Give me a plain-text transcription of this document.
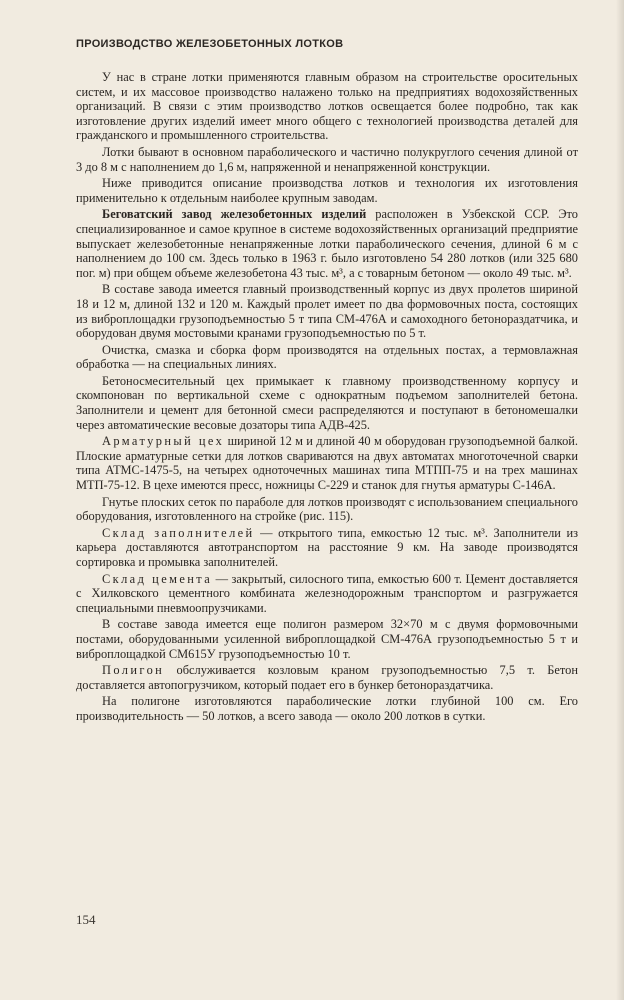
ПРОИЗВОДСТВО ЖЕЛЕЗОБЕТОННЫХ ЛОТКОВ

У нас в стране лотки применяются главным образом на строительстве оросительных систем, и их массовое производство налажено только на предприятиях водохозяйственных организаций. В связи с этим производство лотков освещается более подробно, так как изготовление других изделий имеет много общего с технологией производства деталей для гражданского и промышленного строительства.

Лотки бывают в основном параболического и частично полукруглого сечения длиной от 3 до 8 м с наполнением до 1,6 м, напряженной и ненапряженной конструкции.

Ниже приводится описание производства лотков и технология их изготовления применительно к отдельным наиболее крупным заводам.

Беговатский завод железобетонных изделий расположен в Узбекской ССР. Это специализированное и самое крупное в системе водохозяйственных организаций предприятие выпускает железобетонные ненапряженные лотки параболического сечения, длиной 6 м с наполнением до 100 см. Здесь только в 1963 г. было изготовлено 54 280 лотков (или 325 680 пог. м) при общем объеме железобетона 43 тыс. м³, а с товарным бетоном — около 49 тыс. м³.

В составе завода имеется главный производственный корпус из двух пролетов шириной 18 и 12 м, длиной 132 и 120 м. Каждый пролет имеет по два формовочных поста, состоящих из виброплощадки грузоподъемностью 5 т типа СМ-476А и самоходного бетонораздатчика, и оборудован двумя мостовыми кранами грузоподъемностью по 5 т.

Очистка, смазка и сборка форм производятся на отдельных постах, а термовлажная обработка — на специальных линиях.

Бетоносмесительный цех примыкает к главному производственному корпусу и скомпонован по вертикальной схеме с однократным подъемом заполнителей бетона. Заполнители и цемент для бетонной смеси распределяются и поступают в бетономешалки через автоматические весовые дозаторы типа АДВ-425.

Арматурный цех шириной 12 м и длиной 40 м оборудован грузоподъемной балкой. Плоские арматурные сетки для лотков свариваются на двух автоматах многоточечной сварки типа АТМС-1475-5, на четырех одноточечных машинах типа МТПП-75 и на трех машинах МТП-75-12. В цехе имеются пресс, ножницы С-229 и станок для гнутья арматуры С-146А.

Гнутье плоских сеток по параболе для лотков производят с использованием специального оборудования, изготовленного на стройке (рис. 115).

Склад заполнителей — открытого типа, емкостью 12 тыс. м³. Заполнители из карьера доставляются автотранспортом на расстояние 9 км. На заводе производятся сортировка и промывка заполнителей.

Склад цемента — закрытый, силосного типа, емкостью 600 т. Цемент доставляется с Хилковского цементного комбината железнодорожным транспортом и разгружается специальными пневмоопрузчиками.

В составе завода имеется еще полигон размером 32×70 м с двумя формовочными постами, оборудованными усиленной виброплощадкой СМ-476А грузоподъемностью 5 т и виброплощадкой СМ615У грузоподъемностью 10 т.

Полигон обслуживается козловым краном грузоподъемностью 7,5 т. Бетон доставляется автопогрузчиком, который подает его в бункер бетонораздатчика.

На полигоне изготовляются параболические лотки глубиной 100 см. Его производительность — 50 лотков, а всего завода — около 200 лотков в сутки.

154
